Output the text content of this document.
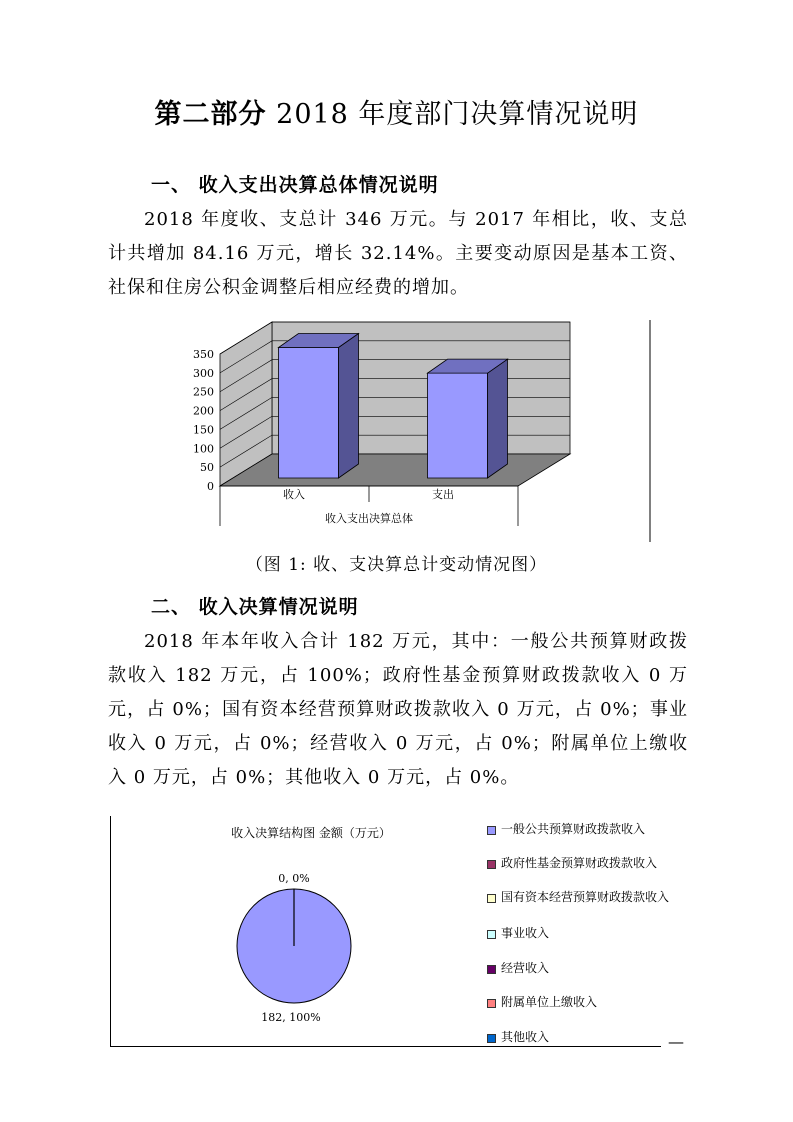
第二部分 2018 年度部门决算情况说明
一、 收入支出决算总体情况说明
2018 年度收、支总计 346 万元。与 2017 年相比，收、支总计共增加 84.16 万元，增长 32.14%。主要变动原因是基本工资、社保和住房公积金调整后相应经费的增加。
0
50
100
150
200
250
300
350
收入	支出
收入支出决算总体
（图 1: 收、支决算总计变动情况图）
二、 收入决算情况说明
2018 年本年收入合计 182 万元，其中：一般公共预算财政拨款收入 182 万元，占 100%；政府性基金预算财政拨款收入 0 万元，占 0%；国有资本经营预算财政拨款收入 0 万元，占 0%；事业收入 0 万元，占 0%；经营收入 0 万元，占 0%；附属单位上缴收入 0 万元，占 0%；其他收入 0 万元，占 0%。
收入决算结构图 金额（万元）
0, 0%
182, 100%
一般公共预算财政拨款收入
政府性基金预算财政拨款收入
国有资本经营预算财政拨款收入
事业收入
经营收入
附属单位上缴收入
其他收入	—
